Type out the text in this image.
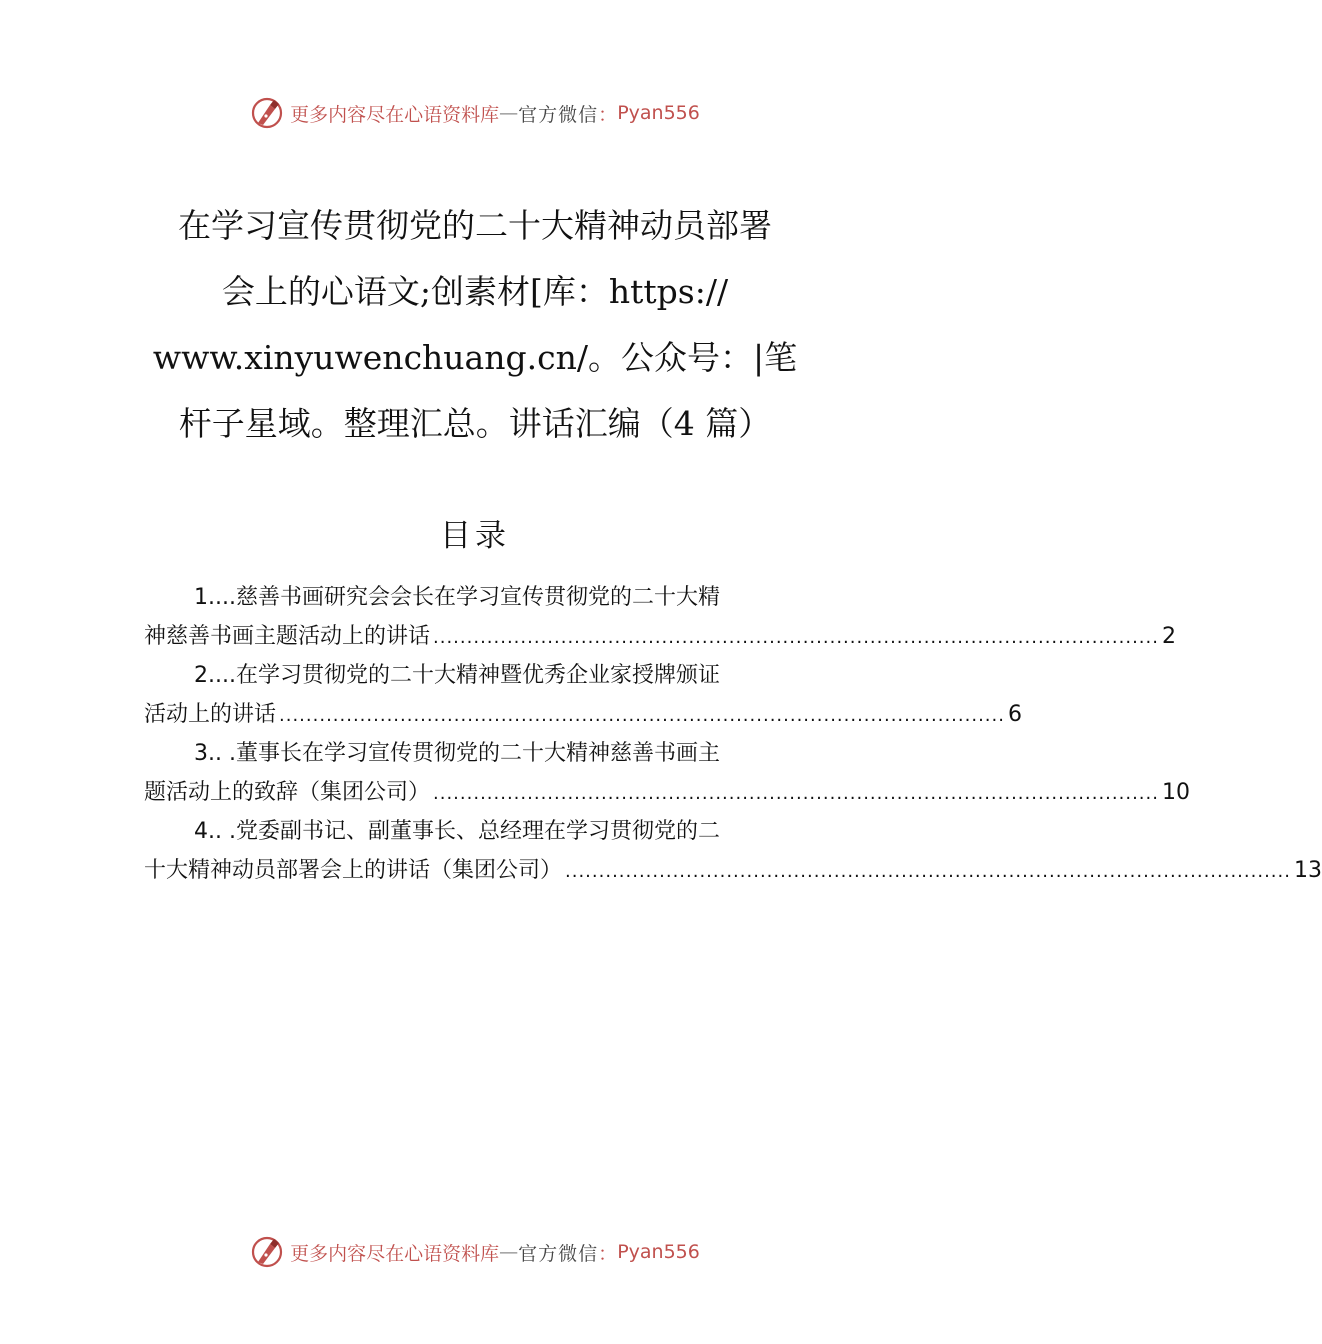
更多内容尽在心语资料库 — 官方微信 ： Pyan556
在学习宣传贯彻党的二十大精神动员部署
会上的心语文;创素材[库：https://
www.xinyuwenchuang.cn/。公众号：|笔
杆子星域。整理汇总。讲话汇编（4 篇）
目录
1....慈善书画研究会会长在学习宣传贯彻党的二十大精
神慈善书画主题活动上的讲话 ............................................................................................................ 2
2....在学习贯彻党的二十大精神暨优秀企业家授牌颁证
活动上的讲话 ............................................................................................................ 6
3.. .董事长在学习宣传贯彻党的二十大精神慈善书画主
题活动上的致辞（集团公司） ............................................................................................................ 10
4.. .党委副书记、副董事长、总经理在学习贯彻党的二
十大精神动员部署会上的讲话（集团公司） ............................................................................................................ 13
更多内容尽在心语资料库 — 官方微信 ： Pyan556
